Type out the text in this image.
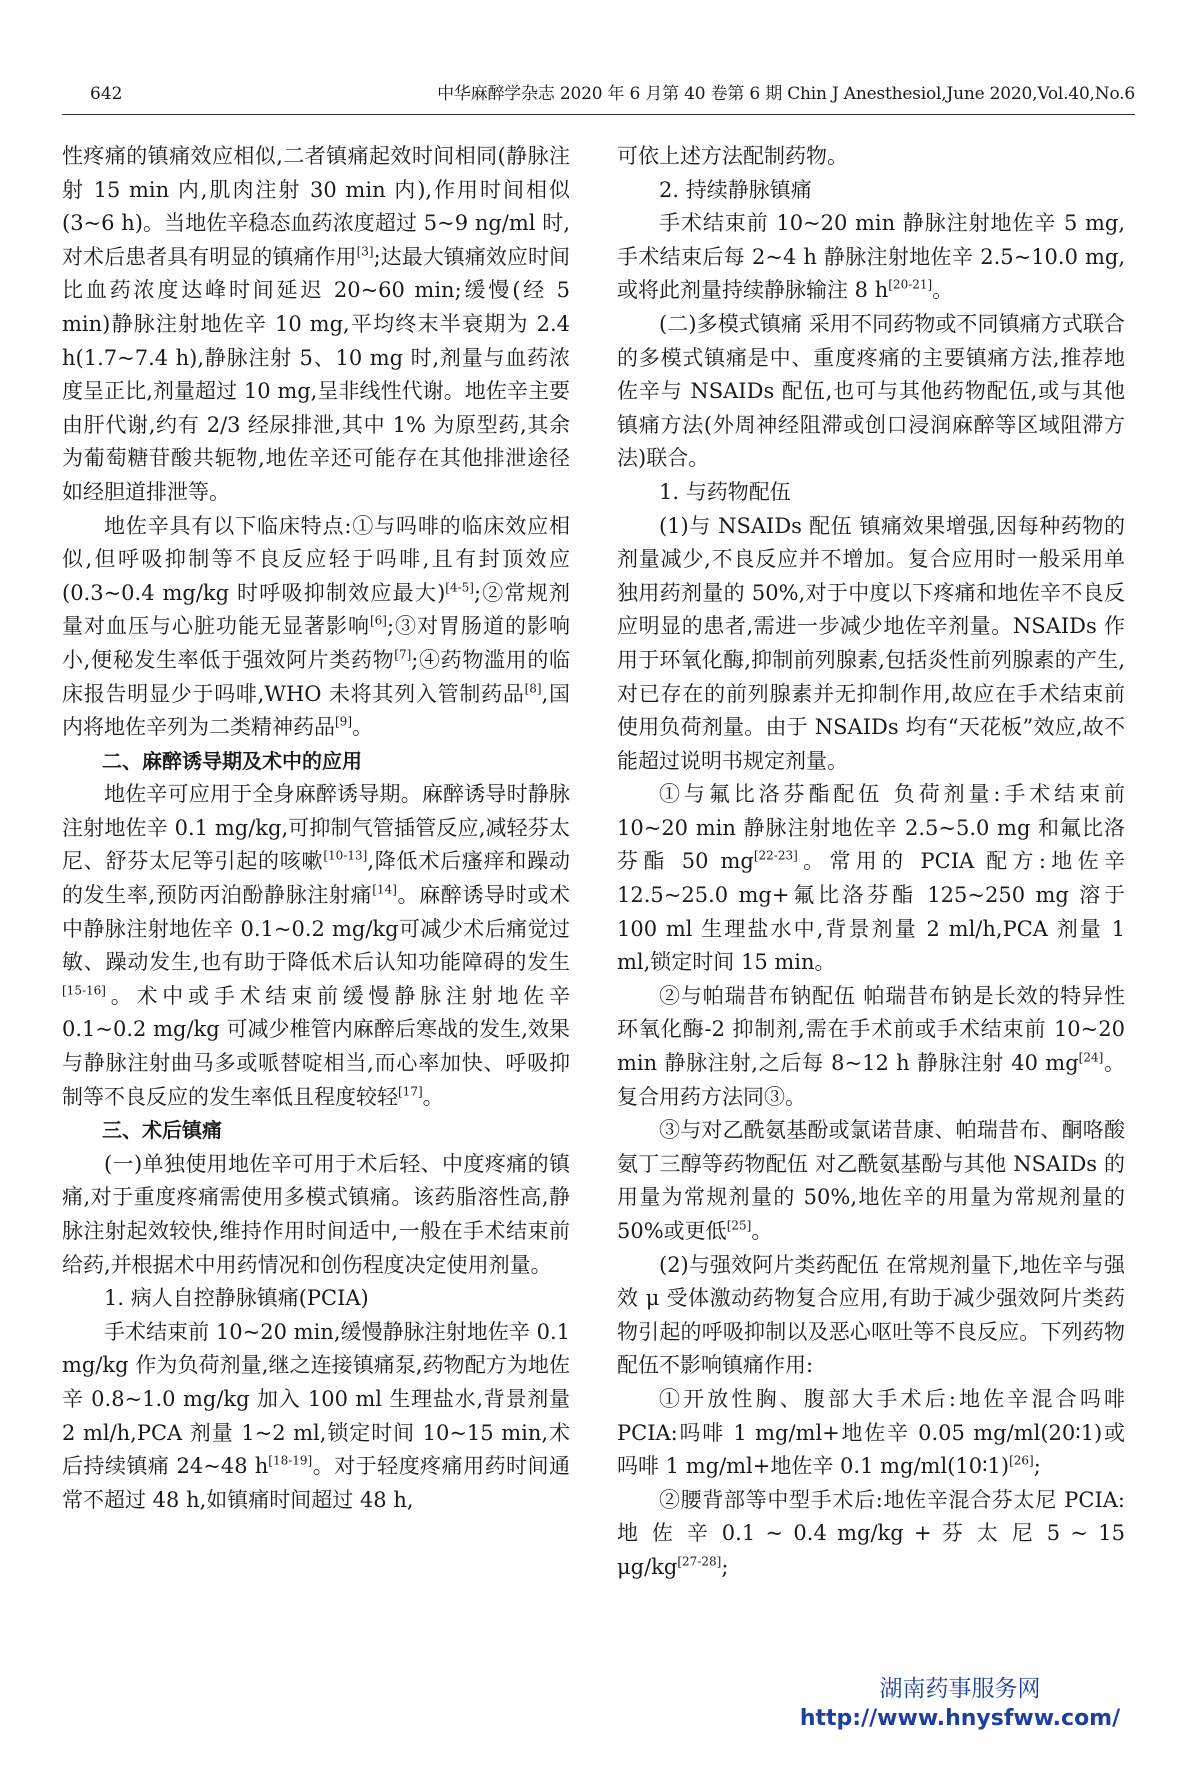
642	中华麻醉学杂志 2020 年 6 月第 40 卷第 6 期 Chin J Anesthesiol,June 2020,Vol.40,No.6

性疼痛的镇痛效应相似,二者镇痛起效时间相同(静脉注射 15 min 内,肌肉注射 30 min 内),作用时间相似(3~6 h)。当地佐辛稳态血药浓度超过 5~9 ng/ml 时,对术后患者具有明显的镇痛作用[3];达最大镇痛效应时间比血药浓度达峰时间延迟 20~60 min;缓慢(经 5 min)静脉注射地佐辛 10 mg,平均终末半衰期为 2.4 h(1.7~7.4 h),静脉注射 5、10 mg 时,剂量与血药浓度呈正比,剂量超过 10 mg,呈非线性代谢。地佐辛主要由肝代谢,约有 2/3 经尿排泄,其中 1% 为原型药,其余为葡萄糖苷酸共轭物,地佐辛还可能存在其他排泄途径如经胆道排泄等。

地佐辛具有以下临床特点:①与吗啡的临床效应相似,但呼吸抑制等不良反应轻于吗啡,且有封顶效应(0.3~0.4 mg/kg 时呼吸抑制效应最大)[4-5];②常规剂量对血压与心脏功能无显著影响[6];③对胃肠道的影响小,便秘发生率低于强效阿片类药物[7];④药物滥用的临床报告明显少于吗啡,WHO 未将其列入管制药品[8],国内将地佐辛列为二类精神药品[9]。

二、麻醉诱导期及术中的应用

地佐辛可应用于全身麻醉诱导期。麻醉诱导时静脉注射地佐辛 0.1 mg/kg,可抑制气管插管反应,减轻芬太尼、舒芬太尼等引起的咳嗽[10-13],降低术后瘙痒和躁动的发生率,预防丙泊酚静脉注射痛[14]。麻醉诱导时或术中静脉注射地佐辛 0.1~0.2 mg/kg可减少术后痛觉过敏、躁动发生,也有助于降低术后认知功能障碍的发生[15-16]。术中或手术结束前缓慢静脉注射地佐辛 0.1~0.2 mg/kg 可减少椎管内麻醉后寒战的发生,效果与静脉注射曲马多或哌替啶相当,而心率加快、呼吸抑制等不良反应的发生率低且程度较轻[17]。

三、术后镇痛

(一)单独使用地佐辛可用于术后轻、中度疼痛的镇痛,对于重度疼痛需使用多模式镇痛。该药脂溶性高,静脉注射起效较快,维持作用时间适中,一般在手术结束前给药,并根据术中用药情况和创伤程度决定使用剂量。

1. 病人自控静脉镇痛(PCIA)

手术结束前 10~20 min,缓慢静脉注射地佐辛 0.1 mg/kg 作为负荷剂量,继之连接镇痛泵,药物配方为地佐辛 0.8~1.0 mg/kg 加入 100 ml 生理盐水,背景剂量 2 ml/h,PCA 剂量 1~2 ml,锁定时间 10~15 min,术后持续镇痛 24~48 h[18-19]。对于轻度疼痛用药时间通常不超过 48 h,如镇痛时间超过 48 h,

可依上述方法配制药物。

2. 持续静脉镇痛

手术结束前 10~20 min 静脉注射地佐辛 5 mg,手术结束后每 2~4 h 静脉注射地佐辛 2.5~10.0 mg,或将此剂量持续静脉输注 8 h[20-21]。

(二)多模式镇痛 采用不同药物或不同镇痛方式联合的多模式镇痛是中、重度疼痛的主要镇痛方法,推荐地佐辛与 NSAIDs 配伍,也可与其他药物配伍,或与其他镇痛方法(外周神经阻滞或创口浸润麻醉等区域阻滞方法)联合。

1. 与药物配伍

(1)与 NSAIDs 配伍 镇痛效果增强,因每种药物的剂量减少,不良反应并不增加。复合应用时一般采用单独用药剂量的 50%,对于中度以下疼痛和地佐辛不良反应明显的患者,需进一步减少地佐辛剂量。NSAIDs 作用于环氧化酶,抑制前列腺素,包括炎性前列腺素的产生,对已存在的前列腺素并无抑制作用,故应在手术结束前使用负荷剂量。由于 NSAIDs 均有“天花板”效应,故不能超过说明书规定剂量。

①与氟比洛芬酯配伍 负荷剂量:手术结束前 10~20 min 静脉注射地佐辛 2.5~5.0 mg 和氟比洛芬酯 50 mg[22-23]。常用的 PCIA 配方:地佐辛 12.5~25.0 mg+氟比洛芬酯 125~250 mg 溶于 100 ml 生理盐水中,背景剂量 2 ml/h,PCA 剂量 1 ml,锁定时间 15 min。

②与帕瑞昔布钠配伍 帕瑞昔布钠是长效的特异性环氧化酶-2 抑制剂,需在手术前或手术结束前 10~20 min 静脉注射,之后每 8~12 h 静脉注射 40 mg[24]。复合用药方法同③。

③与对乙酰氨基酚或氯诺昔康、帕瑞昔布、酮咯酸氨丁三醇等药物配伍 对乙酰氨基酚与其他 NSAIDs 的用量为常规剂量的 50%,地佐辛的用量为常规剂量的 50%或更低[25]。

(2)与强效阿片类药配伍 在常规剂量下,地佐辛与强效 μ 受体激动药物复合应用,有助于减少强效阿片类药物引起的呼吸抑制以及恶心呕吐等不良反应。下列药物配伍不影响镇痛作用:

①开放性胸、腹部大手术后:地佐辛混合吗啡 PCIA:吗啡 1 mg/ml+地佐辛 0.05 mg/ml(20∶1)或吗啡 1 mg/ml+地佐辛 0.1 mg/ml(10∶1)[26];

②腰背部等中型手术后:地佐辛混合芬太尼 PCIA:地 佐 辛 0.1 ~ 0.4 mg/kg + 芬 太 尼 5 ~ 15 μg/kg[27-28];

湖南药事服务网
http://www.hnysfww.com/
